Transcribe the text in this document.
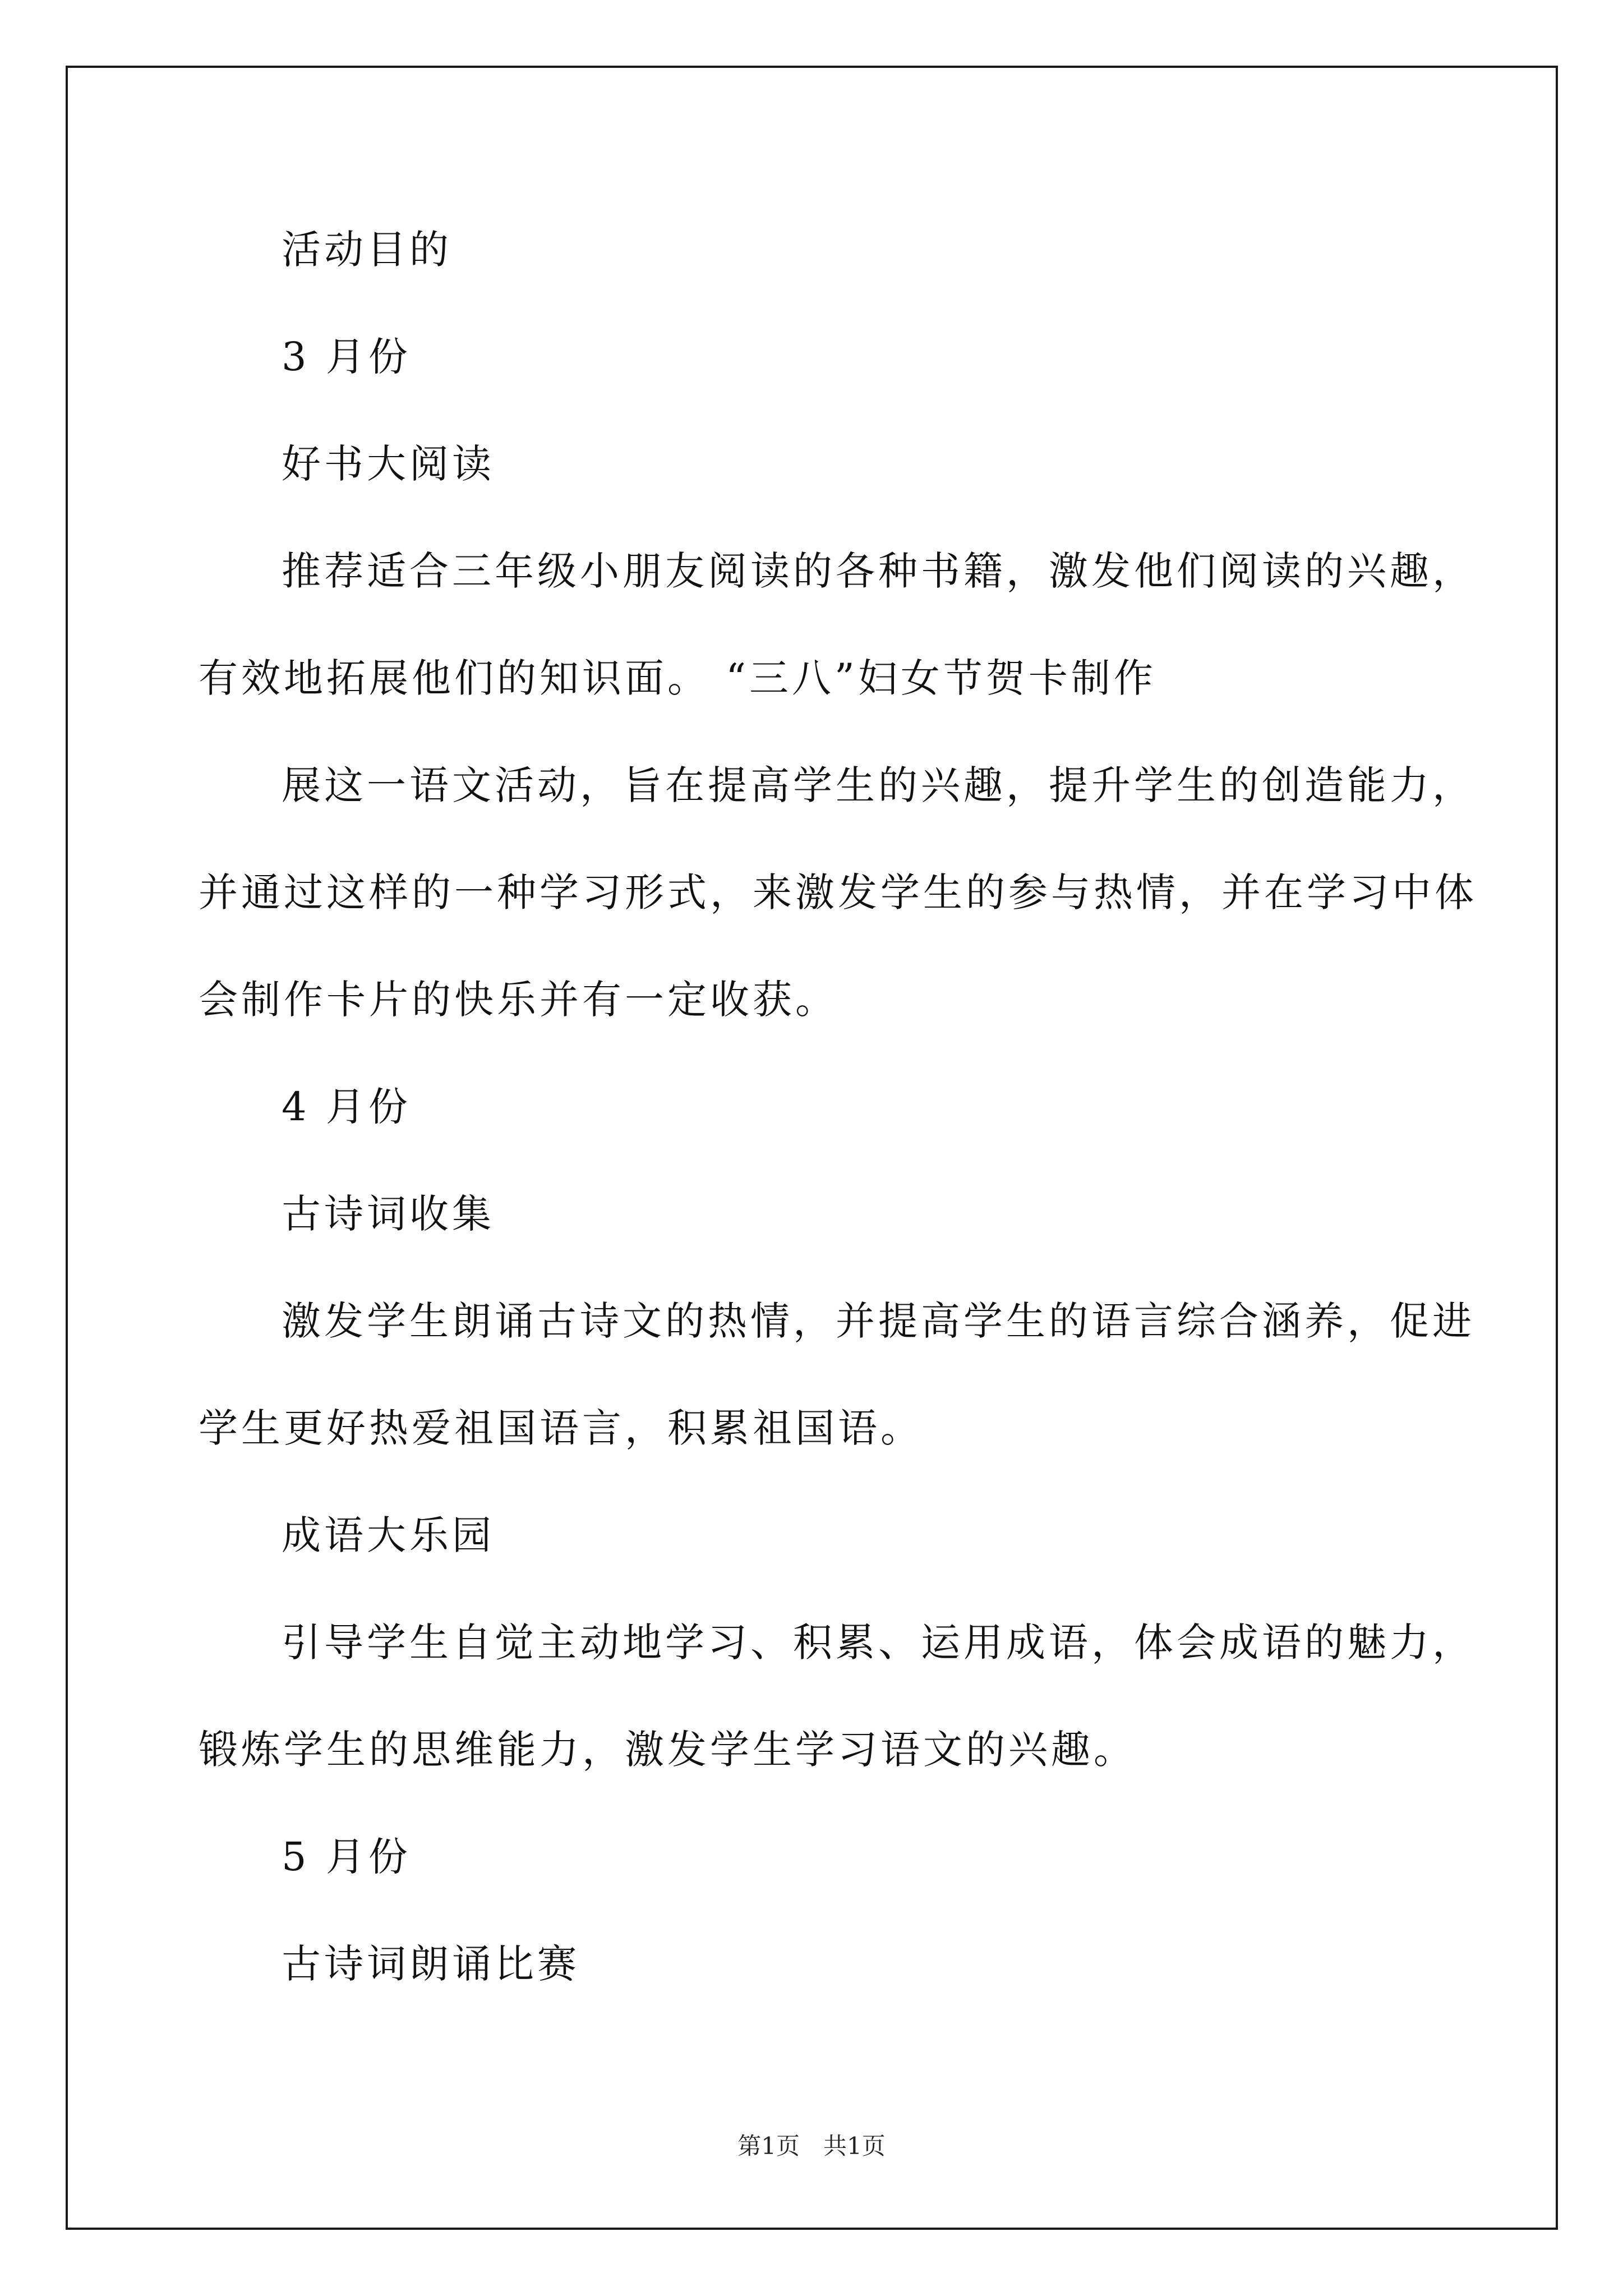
活动目的
3 月份
好书大阅读
推荐适合三年级小朋友阅读的各种书籍，激发他们阅读的兴趣，
有效地拓展他们的知识面。 “三八”妇女节贺卡制作
展这一语文活动，旨在提高学生的兴趣，提升学生的创造能力，
并通过这样的一种学习形式，来激发学生的参与热情，并在学习中体
会制作卡片的快乐并有一定收获。
4 月份
古诗词收集
激发学生朗诵古诗文的热情，并提高学生的语言综合涵养，促进
学生更好热爱祖国语言，积累祖国语。
成语大乐园
引导学生自觉主动地学习、积累、运用成语，体会成语的魅力，
锻炼学生的思维能力，激发学生学习语文的兴趣。
5 月份
古诗词朗诵比赛
第1页 共1页
